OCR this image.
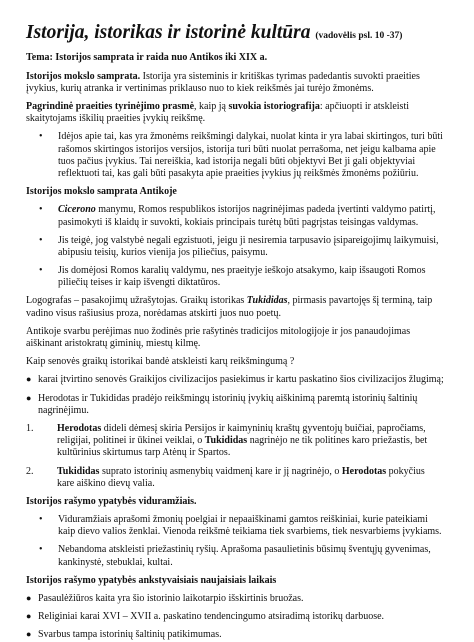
Istorija, istorikas ir istorinė kultūra (vadovėlis psl. 10 -37)

Tema: Istorijos samprata ir raida nuo Antikos iki XIX a.

Istorijos mokslo samprata. Istorija yra sisteminis ir kritiškas tyrimas padedantis suvokti praeities įvykius, kurių atranka ir vertinimas priklauso nuo to kiek reikšmės jai turėjo žmonėms.

Pagrindinė praeities tyrinėjimo prasmė, kaip ją suvokia istoriografija: apčiuopti ir atskleisti skaitytojams iškilių praeities įvykių reikšmę.

• Idėjos apie tai, kas yra žmonėms reikšmingi dalykai, nuolat kinta ir yra labai skirtingos, turi būti rašomos skirtingos istorijos versijos, istorija turi būti nuolat perrašoma, net jeigu kalbama apie tuos pačius įvykius. Tai nereiškia, kad istorija negali būti objektyvi Bet ji gali objektyviai reflektuoti tai, kas gali būti pasakyta apie praeities įvykius jų reikšmės žmonėms požiūriu.

Istorijos mokslo samprata Antikoje

• Cicerono manymu, Romos respublikos istorijos nagrinėjimas padeda įvertinti valdymo patirtį, pasimokyti iš klaidų ir suvokti, kokiais principais turėtų būti pagrįstas teisingas valdymas.
• Jis teigė, jog valstybė negali egzistuoti, jeigu ji nesiremia tarpusavio įsipareigojimų laikymuisi, abipusiu teisių, kurios vienija jos piliečius, paisymu.
• Jis domėjosi Romos karalių valdymu, nes praeityje ieškojo atsakymo, kaip išsaugoti Romos piliečių teises ir kaip išvengti diktatūros.

Logografas – pasakojimų užrašytojas. Graikų istorikas Tukididas, pirmasis pavartojęs šį terminą, taip vadino visus rašiusius proza, norėdamas atskirti juos nuo poetų.

Antikoje svarbu perėjimas nuo žodinės prie rašytinės tradicijos mitologijoje ir jos panaudojimas aiškinant aristokratų giminių, miestų kilmę.

Kaip senovės graikų istorikai bandė atskleisti karų reikšmingumą ?

● karai įtvirtino senovės Graikijos civilizacijos pasiekimus ir kartu paskatino šios civilizacijos žlugimą;
● Herodotas ir Tukididas pradėjo reikšmingų istorinių įvykių aiškinimą paremtą istorinių šaltinių nagrinėjimu.
1. Herodotas dideli dėmesį skiria Persijos ir kaimyninių kraštų gyventojų buičiai, papročiams, religijai, politinei ir ūkinei veiklai, o Tukididas nagrinėjo ne tik politines karo priežastis, bet kultūrinius skirtumus tarp Atėnų ir Spartos.
2. Tukididas suprato istorinių asmenybių vaidmenį kare ir jį nagrinėjo, o Herodotas pokyčius kare aiškino dievų valia.

Istorijos rašymo ypatybės viduramžiais.

• Viduramžiais aprašomi žmonių poelgiai ir nepaaiškinami gamtos reiškiniai, kurie pateikiami kaip dievo valios ženklai. Vienoda reikšmė teikiama tiek svarbiems, tiek nesvarbiems įvykiams.
• Nebandoma atskleisti priežastinių ryšių. Aprašoma pasaulietinis būsimų šventųjų gyvenimas, kankinystė, stebuklai, kultai.

Istorijos rašymo ypatybės ankstyvaisiais naujaisiais laikais

● Pasaulėžiūros kaita yra šio istorinio laikotarpio išskirtinis bruožas.
● Religiniai karai XVI – XVII a. paskatino tendencingumo atsiradimą istorikų darbuose.
● Svarbus tampa istorinių šaltinių patikimumas.
